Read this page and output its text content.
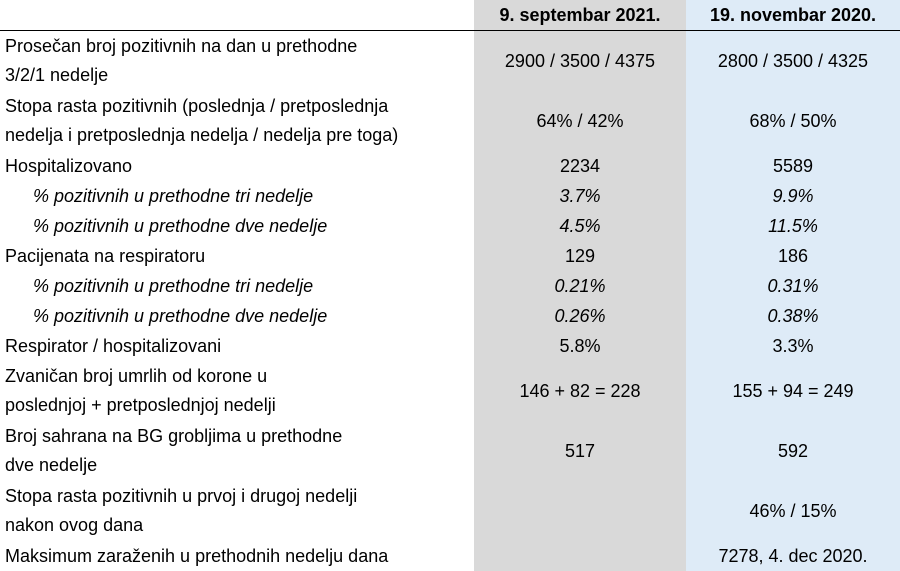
	9. septembar 2021.	19. novembar 2020.
Prosečan broj pozitivnih na dan u prethodne
3/2/1 nedelje	2900 / 3500 / 4375	2800 / 3500 / 4325
Stopa rasta pozitivnih (poslednja / pretposlednja
nedelja i pretposlednja nedelja / nedelja pre toga)	64% / 42%	68% / 50%
Hospitalizovano	2234	5589
% pozitivnih u prethodne tri nedelje	3.7%	9.9%
% pozitivnih u prethodne dve nedelje	4.5%	11.5%
Pacijenata na respiratoru	129	186
% pozitivnih u prethodne tri nedelje	0.21%	0.31%
% pozitivnih u prethodne dve nedelje	0.26%	0.38%
Respirator / hospitalizovani	5.8%	3.3%
Zvaničan broj umrlih od korone u
poslednjoj + pretposlednjoj nedelji	146 + 82 = 228	155 + 94 = 249
Broj sahrana na BG grobljima u prethodne
dve nedelje	517	592
Stopa rasta pozitivnih u prvoj i drugoj nedelji
nakon ovog dana		46% / 15%
Maksimum zaraženih u prethodnih nedelju dana		7278, 4. dec 2020.
